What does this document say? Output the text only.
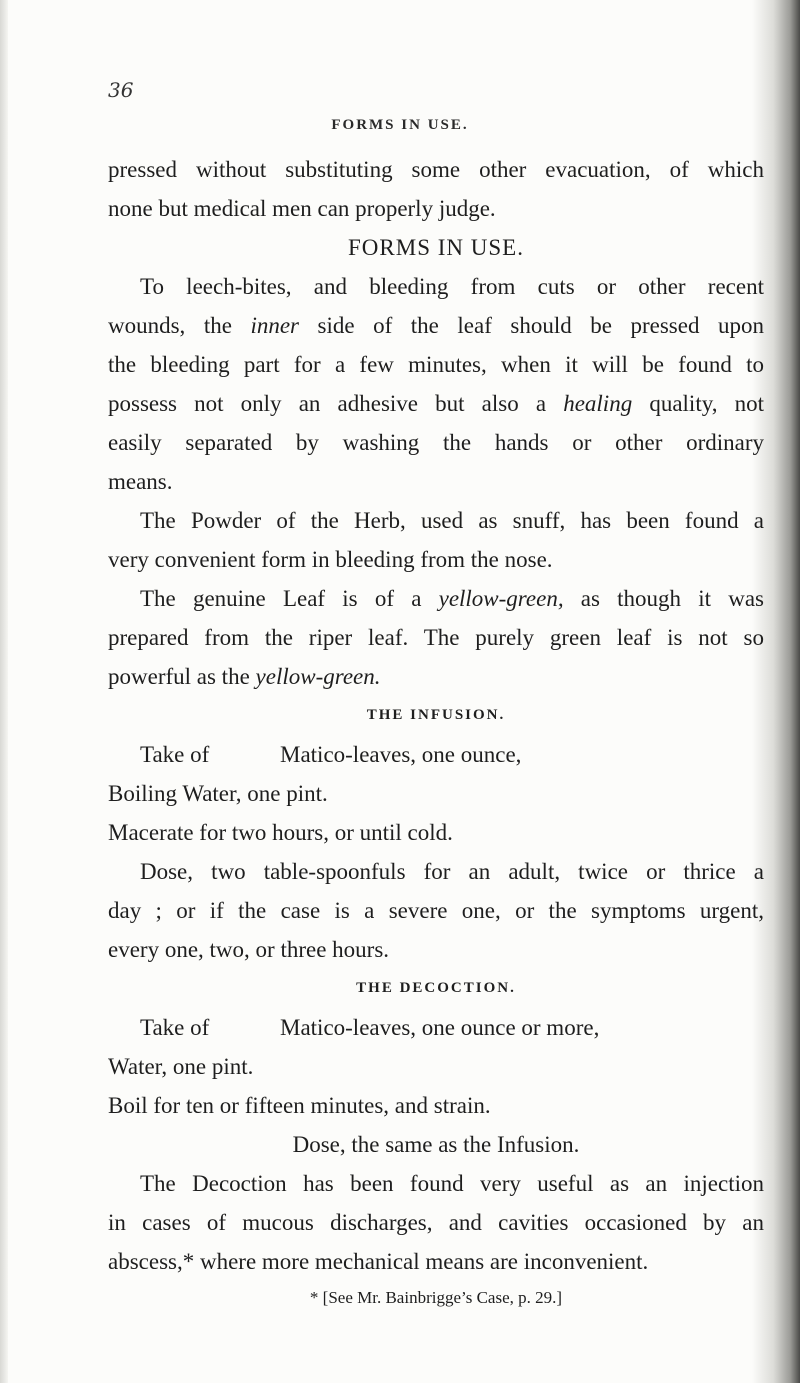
36
FORMS IN USE.
pressed without substituting some other evacuation, of which
none but medical men can properly judge.
FORMS IN USE.
To leech-bites, and bleeding from cuts or other recent
wounds, the inner side of the leaf should be pressed upon
the bleeding part for a few minutes, when it will be found to
possess not only an adhesive but also a healing quality, not
easily separated by washing the hands or other ordinary
means.
The Powder of the Herb, used as snuff, has been found a
very convenient form in bleeding from the nose.
The genuine Leaf is of a yellow-green, as though it was
prepared from the riper leaf. The purely green leaf is not so
powerful as the yellow-green.
THE INFUSION.
Take of	Matico-leaves, one ounce,
Boiling Water, one pint.
Macerate for two hours, or until cold.
Dose, two table-spoonfuls for an adult, twice or thrice a
day ; or if the case is a severe one, or the symptoms urgent,
every one, two, or three hours.
THE DECOCTION.
Take of	Matico-leaves, one ounce or more,
Water, one pint.
Boil for ten or fifteen minutes, and strain.
Dose, the same as the Infusion.
The Decoction has been found very useful as an injection
in cases of mucous discharges, and cavities occasioned by an
abscess,* where more mechanical means are inconvenient.
* [See Mr. Bainbrigge’s Case, p. 29.]
